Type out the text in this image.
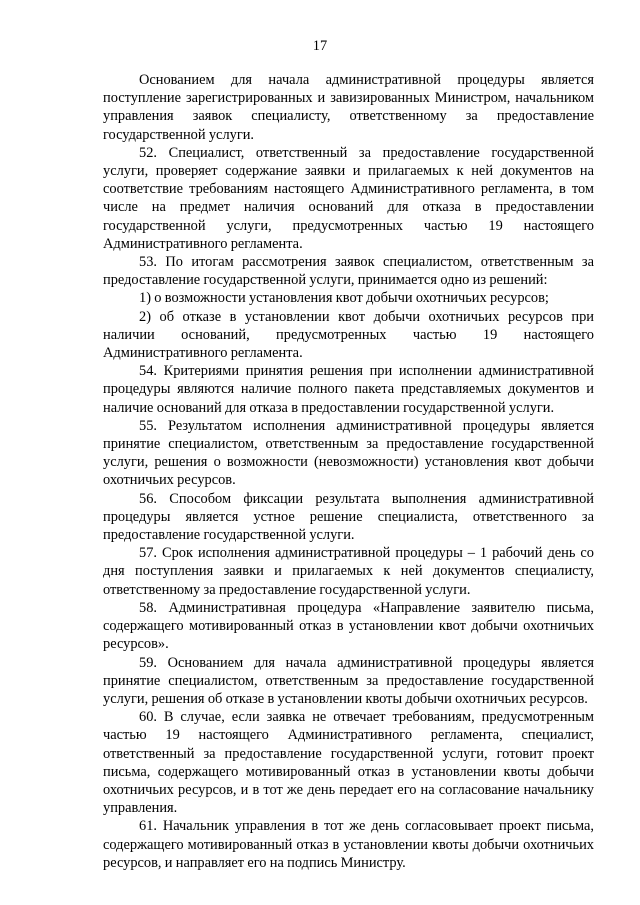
17

Основанием для начала административной процедуры является поступление зарегистрированных и завизированных Министром, начальником управления заявок специалисту, ответственному за предоставление государственной услуги.

52. Специалист, ответственный за предоставление государственной услуги, проверяет содержание заявки и прилагаемых к ней документов на соответствие требованиям настоящего Административного регламента, в том числе на предмет наличия оснований для отказа в предоставлении государственной услуги, предусмотренных частью 19 настоящего Административного регламента.

53. По итогам рассмотрения заявок специалистом, ответственным за предоставление государственной услуги, принимается одно из решений:

1) о возможности установления квот добычи охотничьих ресурсов;

2) об отказе в установлении квот добычи охотничьих ресурсов при наличии оснований, предусмотренных частью 19 настоящего Административного регламента.

54. Критериями принятия решения при исполнении административной процедуры являются наличие полного пакета представляемых документов и наличие оснований для отказа в предоставлении государственной услуги.

55. Результатом исполнения административной процедуры является принятие специалистом, ответственным за предоставление государственной услуги, решения о возможности (невозможности) установления квот добычи охотничьих ресурсов.

56. Способом фиксации результата выполнения административной процедуры является устное решение специалиста, ответственного за предоставление государственной услуги.

57. Срок исполнения административной процедуры – 1 рабочий день со дня поступления заявки и прилагаемых к ней документов специалисту, ответственному за предоставление государственной услуги.

58. Административная процедура «Направление заявителю письма, содержащего мотивированный отказ в установлении квот добычи охотничьих ресурсов».

59. Основанием для начала административной процедуры является принятие специалистом, ответственным за предоставление государственной услуги, решения об отказе в установлении квоты добычи охотничьих ресурсов.

60. В случае, если заявка не отвечает требованиям, предусмотренным частью 19 настоящего Административного регламента, специалист, ответственный за предоставление государственной услуги, готовит проект письма, содержащего мотивированный отказ в установлении квоты добычи охотничьих ресурсов, и в тот же день передает его на согласование начальнику управления.

61. Начальник управления в тот же день согласовывает проект письма, содержащего мотивированный отказ в установлении квоты добычи охотничьих ресурсов, и направляет его на подпись Министру.
